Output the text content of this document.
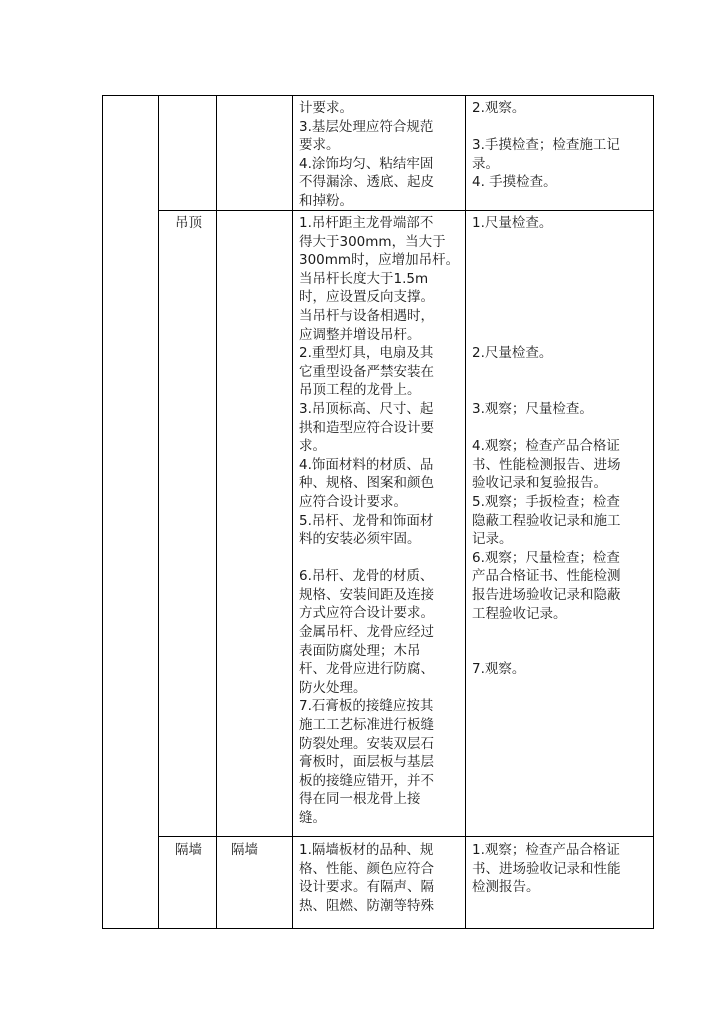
计要求。
3.基层处理应符合规范
要求。
4.涂饰均匀、粘结牢固
不得漏涂、透底、起皮
和掉粉。
2.观察。
3.手摸检查；检查施工记
录。
4. 手摸检查。
吊顶	1.吊杆距主龙骨端部不
得大于300mm，当大于
300mm时，应增加吊杆。
当吊杆长度大于1.5m
时，应设置反向支撑。
当吊杆与设备相遇时，
应调整并增设吊杆。
2.重型灯具，电扇及其
它重型设备严禁安装在
吊顶工程的龙骨上。
3.吊顶标高、尺寸、起
拱和造型应符合设计要
求。
4.饰面材料的材质、品
种、规格、图案和颜色
应符合设计要求。
5.吊杆、龙骨和饰面材
料的安装必须牢固。
6.吊杆、龙骨的材质、
规格、安装间距及连接
方式应符合设计要求。
金属吊杆、龙骨应经过
表面防腐处理；木吊
杆、龙骨应进行防腐、
防火处理。
7.石膏板的接缝应按其
施工工艺标准进行板缝
防裂处理。安装双层石
膏板时，面层板与基层
板的接缝应错开，并不
得在同一根龙骨上接
缝。
1.尺量检查。
2.尺量检查。
3.观察；尺量检查。
4.观察；检查产品合格证
书、性能检测报告、进场
验收记录和复验报告。
5.观察；手扳检查；检查
隐蔽工程验收记录和施工
记录。
6.观察；尺量检查；检查
产品合格证书、性能检测
报告进场验收记录和隐蔽
工程验收记录。
7.观察。
隔墙 隔墙	1.隔墙板材的品种、规
格、性能、颜色应符合
设计要求。有隔声、隔
热、阻燃、防潮等特殊
1.观察；检查产品合格证
书、进场验收记录和性能
检测报告。
